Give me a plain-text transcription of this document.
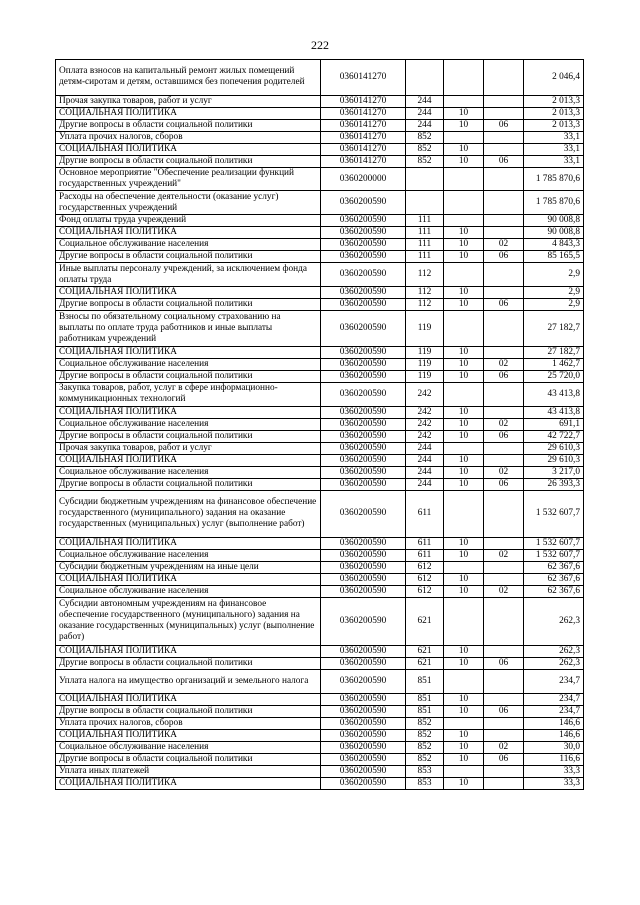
222
Оплата взносов на капитальный ремонт жилых помещений детям-сиротам и детям, оставшимся без попечения родителей	0360141270				2 046,4
Прочая закупка товаров, работ и услуг	0360141270	244			2 013,3
СОЦИАЛЬНАЯ ПОЛИТИКА	0360141270	244	10		2 013,3
Другие вопросы в области социальной политики	0360141270	244	10	06	2 013,3
Уплата прочих налогов, сборов	0360141270	852			33,1
СОЦИАЛЬНАЯ ПОЛИТИКА	0360141270	852	10		33,1
Другие вопросы в области социальной политики	0360141270	852	10	06	33,1
Основное мероприятие "Обеспечение реализации функций государственных учреждений"	0360200000				1 785 870,6
Расходы на обеспечение деятельности (оказание услуг) государственных учреждений	0360200590				1 785 870,6
Фонд оплаты труда учреждений	0360200590	111			90 008,8
СОЦИАЛЬНАЯ ПОЛИТИКА	0360200590	111	10		90 008,8
Социальное обслуживание населения	0360200590	111	10	02	4 843,3
Другие вопросы в области социальной политики	0360200590	111	10	06	85 165,5
Иные выплаты персоналу учреждений, за исключением фонда оплаты труда	0360200590	112			2,9
СОЦИАЛЬНАЯ ПОЛИТИКА	0360200590	112	10		2,9
Другие вопросы в области социальной политики	0360200590	112	10	06	2,9
Взносы по обязательному социальному страхованию на выплаты по оплате труда работников и иные выплаты работникам учреждений	0360200590	119			27 182,7
СОЦИАЛЬНАЯ ПОЛИТИКА	0360200590	119	10		27 182,7
Социальное обслуживание населения	0360200590	119	10	02	1 462,7
Другие вопросы в области социальной политики	0360200590	119	10	06	25 720,0
Закупка товаров, работ, услуг в сфере информационно-коммуникационных технологий	0360200590	242			43 413,8
СОЦИАЛЬНАЯ ПОЛИТИКА	0360200590	242	10		43 413,8
Социальное обслуживание населения	0360200590	242	10	02	691,1
Другие вопросы в области социальной политики	0360200590	242	10	06	42 722,7
Прочая закупка товаров, работ и услуг	0360200590	244			29 610,3
СОЦИАЛЬНАЯ ПОЛИТИКА	0360200590	244	10		29 610,3
Социальное обслуживание населения	0360200590	244	10	02	3 217,0
Другие вопросы в области социальной политики	0360200590	244	10	06	26 393,3
Субсидии бюджетным учреждениям на финансовое обеспечение государственного (муниципального) задания на оказание государственных (муниципальных) услуг (выполнение работ)	0360200590	611			1 532 607,7
СОЦИАЛЬНАЯ ПОЛИТИКА	0360200590	611	10		1 532 607,7
Социальное обслуживание населения	0360200590	611	10	02	1 532 607,7
Субсидии бюджетным учреждениям на иные цели	0360200590	612			62 367,6
СОЦИАЛЬНАЯ ПОЛИТИКА	0360200590	612	10		62 367,6
Социальное обслуживание населения	0360200590	612	10	02	62 367,6
Субсидии автономным учреждениям на финансовое обеспечение государственного (муниципального) задания на оказание государственных (муниципальных) услуг (выполнение работ)	0360200590	621			262,3
СОЦИАЛЬНАЯ ПОЛИТИКА	0360200590	621	10		262,3
Другие вопросы в области социальной политики	0360200590	621	10	06	262,3
Уплата налога на имущество организаций и земельного налога	0360200590	851			234,7
СОЦИАЛЬНАЯ ПОЛИТИКА	0360200590	851	10		234,7
Другие вопросы в области социальной политики	0360200590	851	10	06	234,7
Уплата прочих налогов, сборов	0360200590	852			146,6
СОЦИАЛЬНАЯ ПОЛИТИКА	0360200590	852	10		146,6
Социальное обслуживание населения	0360200590	852	10	02	30,0
Другие вопросы в области социальной политики	0360200590	852	10	06	116,6
Уплата иных платежей	0360200590	853			33,3
СОЦИАЛЬНАЯ ПОЛИТИКА	0360200590	853	10		33,3
